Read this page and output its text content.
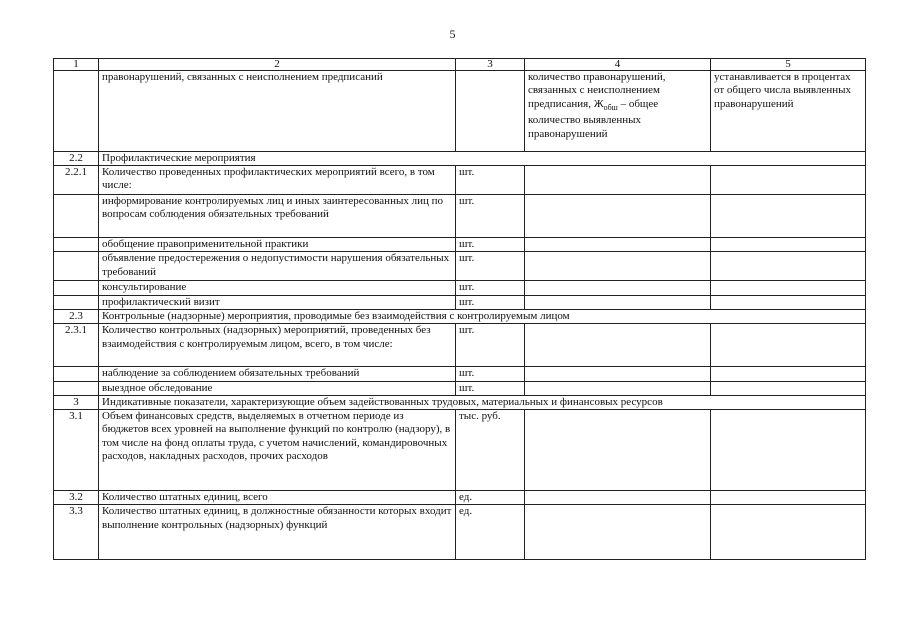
5
1	2	3	4	5
	правонарушений, связанных с неисполнением предписаний		количество правонарушений, связанных с неисполнением предписания, $Ж_{обш}$ – общее количество выявленных правонарушений	устанавливается в процентах от общего числа выявленных правонарушений
2.2	Профилактические мероприятия			
2.2.1	Количество проведенных профилактических мероприятий всего, в том числе:	шт.		
	информирование контролируемых лиц и иных заинтересованных лиц по вопросам соблюдения обязательных требований	шт.		
	обобщение правоприменительной практики	шт.		
	объявление предостережения о недопустимости нарушения обязательных требований	шт.		
	консультирование	шт.		
	профилактический визит	шт.		
2.3	Контрольные (надзорные) мероприятия, проводимые без взаимодействия с контролируемым лицом			
2.3.1	Количество контрольных (надзорных) мероприятий, проведенных без взаимодействия с контролируемым лицом, всего, в том числе:	шт.		
	наблюдение за соблюдением обязательных требований	шт.		
	выездное обследование	шт.		
3	Индикативные показатели, характеризующие объем задействованных трудовых, материальных и финансовых ресурсов			
3.1	Объем финансовых средств, выделяемых в отчетном периоде из бюджетов всех уровней на выполнение функций по контролю (надзору), в том числе на фонд оплаты труда, с учетом начислений, командировочных расходов, накладных расходов, прочих расходов	тыс. руб.		
3.2	Количество штатных единиц, всего	ед.		
3.3	Количество штатных единиц, в должностные обязанности которых входит выполнение контрольных (надзорных) функций	ед.		
